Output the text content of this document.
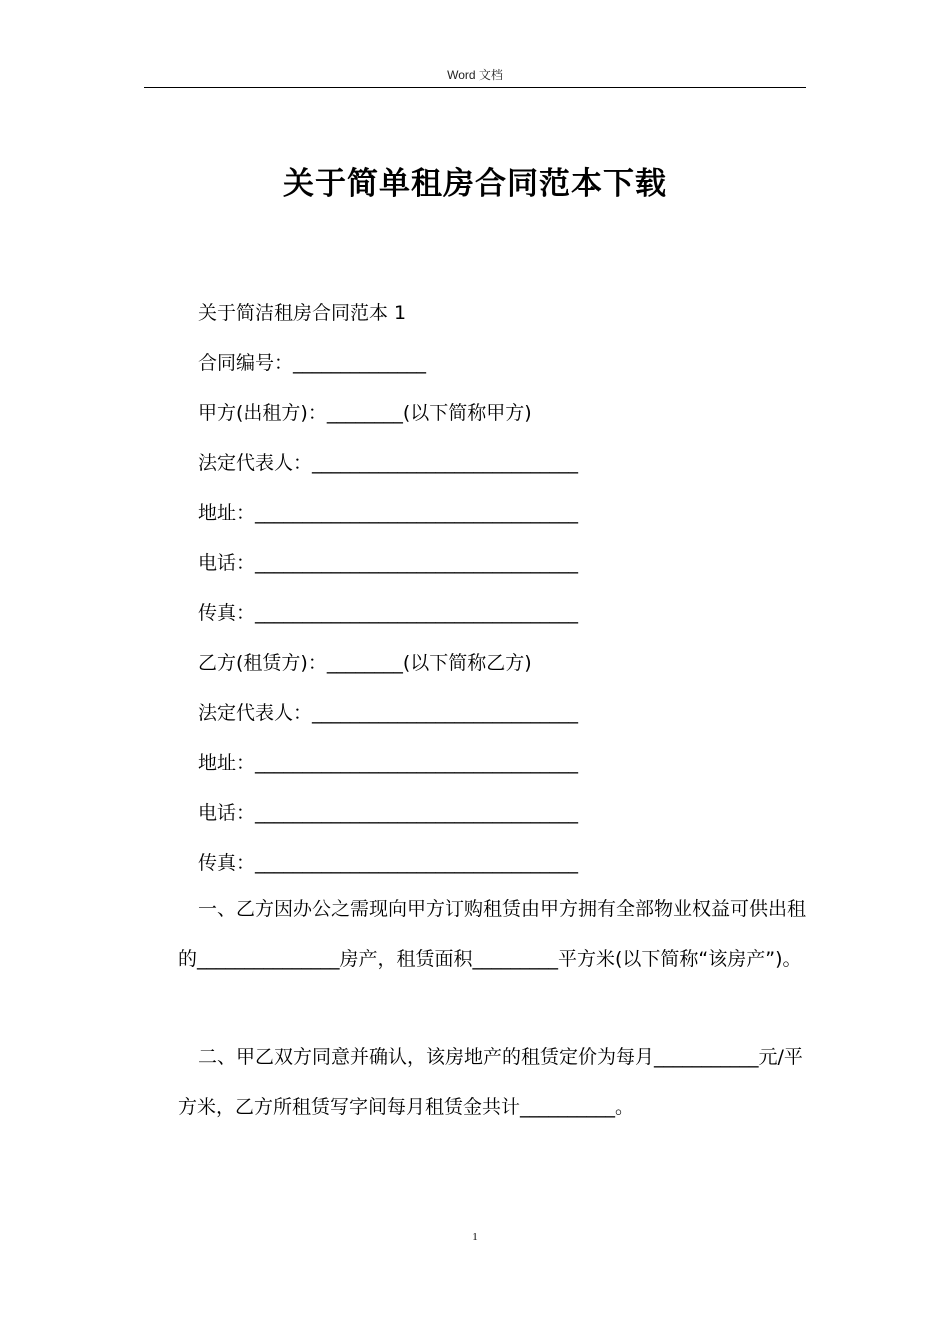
Word 文档
关于简单租房合同范本下载
关于简洁租房合同范本 1
合同编号：______________
甲方(出租方)：________(以下简称甲方)
法定代表人：____________________________
地址：__________________________________
电话：__________________________________
传真：__________________________________
乙方(租赁方)：________(以下简称乙方)
法定代表人：____________________________
地址：__________________________________
电话：__________________________________
传真：__________________________________
一、乙方因办公之需现向甲方订购租赁由甲方拥有全部物业权益可供出租的_______________房产，租赁面积_________平方米(以下简称“该房产”)。
二、甲乙双方同意并确认，该房地产的租赁定价为每月___________元/平方米，乙方所租赁写字间每月租赁金共计__________。
1
